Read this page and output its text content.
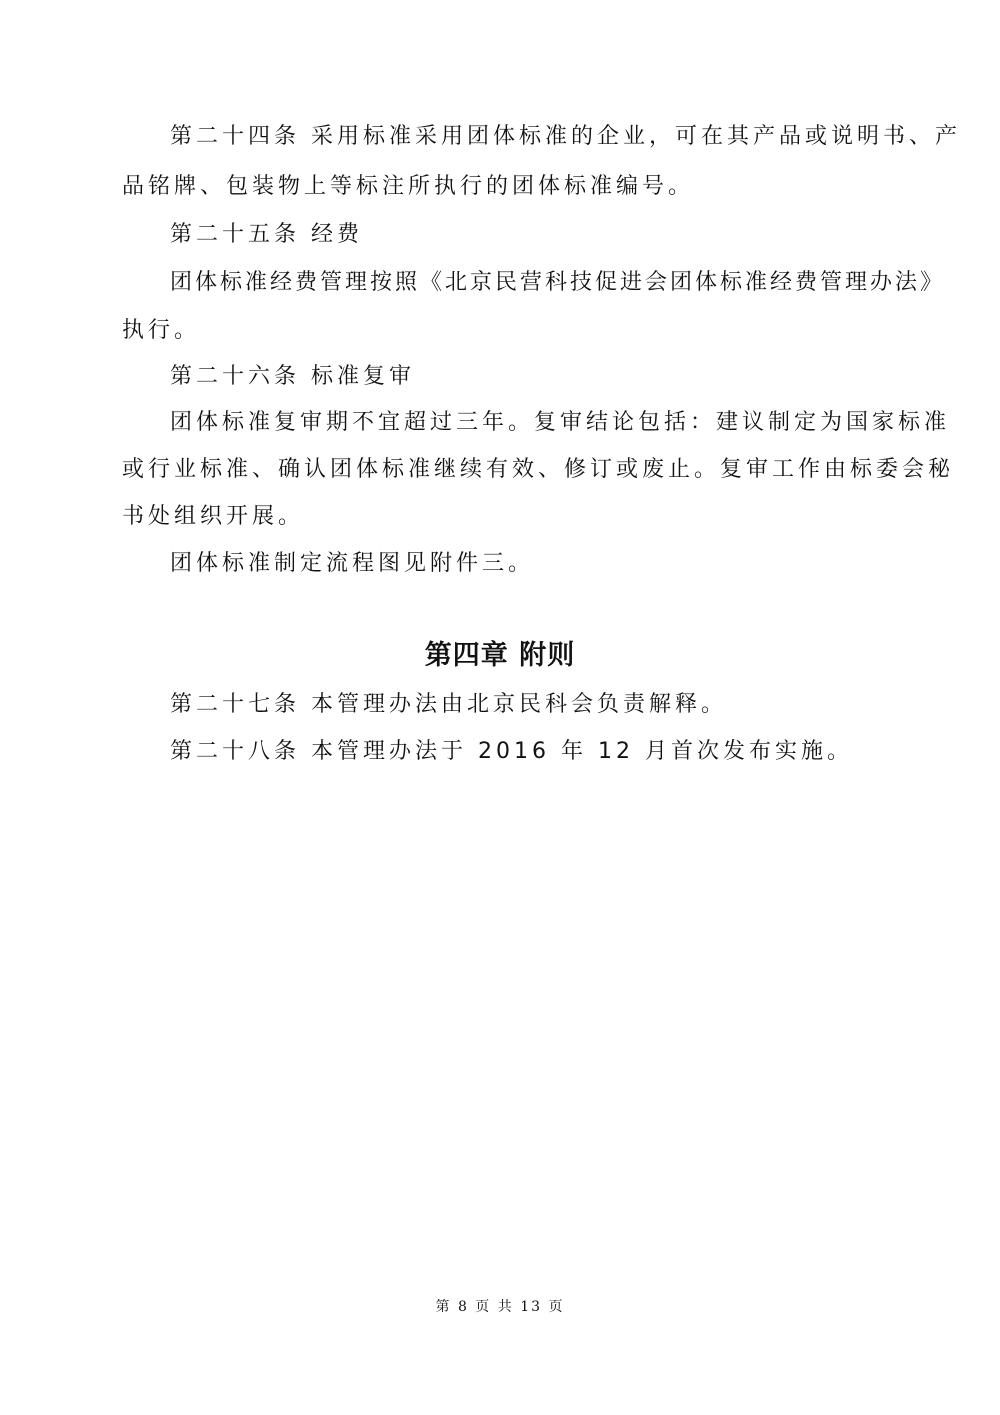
第二十四条 采用标准采用团体标准的企业，可在其产品或说明书、产
品铭牌、包装物上等标注所执行的团体标准编号。
第二十五条 经费
团体标准经费管理按照《北京民营科技促进会团体标准经费管理办法》
执行。
第二十六条 标准复审
团体标准复审期不宜超过三年。复审结论包括：建议制定为国家标准
或行业标准、确认团体标准继续有效、修订或废止。复审工作由标委会秘
书处组织开展。
团体标准制定流程图见附件三。
第四章 附则
第二十七条 本管理办法由北京民科会负责解释。
第二十八条 本管理办法于 2016 年 12 月首次发布实施。
第 8 页 共 13 页
